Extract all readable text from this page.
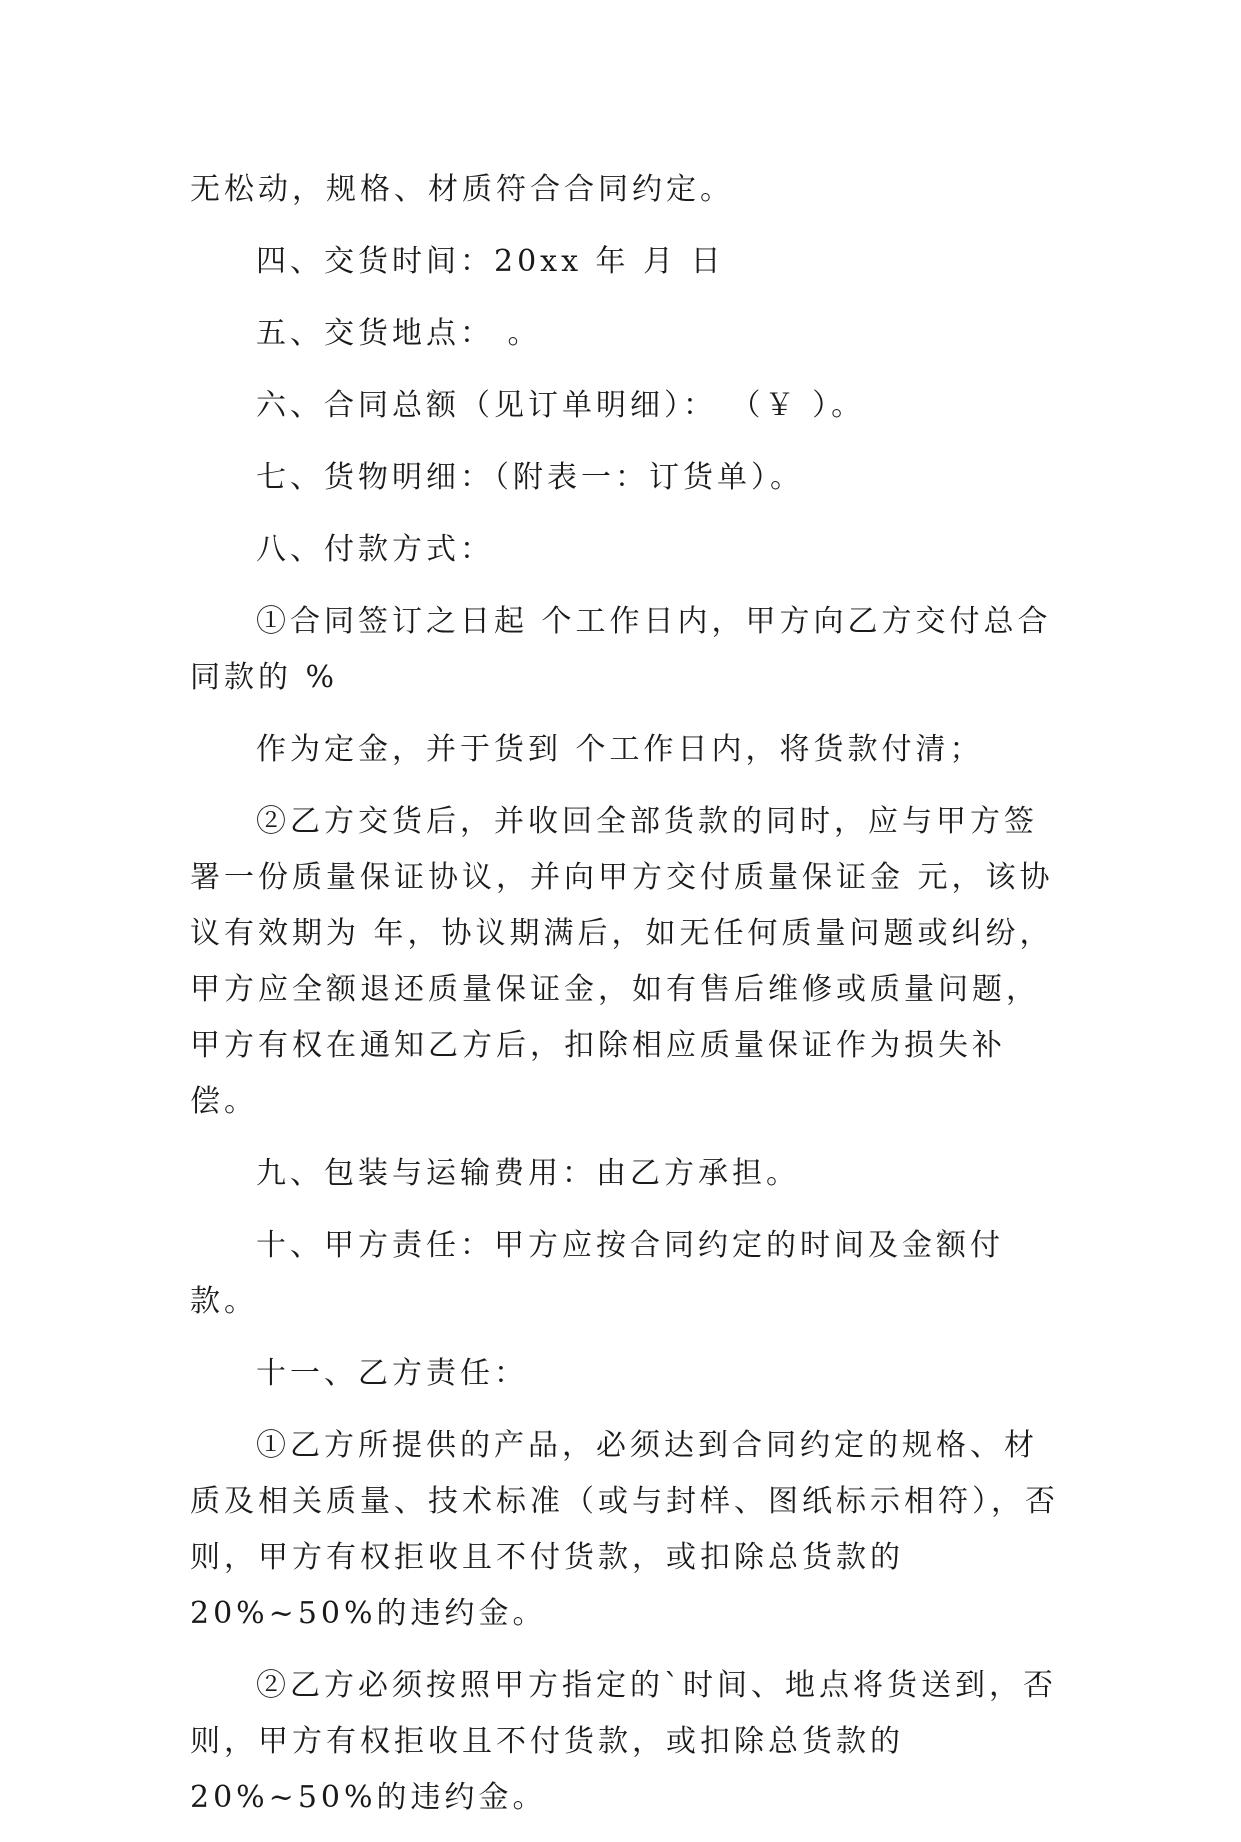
无松动，规格、材质符合合同约定。

四、交货时间：20xx 年 月 日

五、交货地点： 。

六、合同总额（见订单明细）： （￥ ）。

七、货物明细：（附表一：订货单）。

八、付款方式：

①合同签订之日起 个工作日内，甲方向乙方交付总合同款的 %

作为定金，并于货到 个工作日内，将货款付清；

②乙方交货后，并收回全部货款的同时，应与甲方签署一份质量保证协议，并向甲方交付质量保证金 元，该协议有效期为 年，协议期满后，如无任何质量问题或纠纷，甲方应全额退还质量保证金，如有售后维修或质量问题，甲方有权在通知乙方后，扣除相应质量保证作为损失补偿。

九、包装与运输费用：由乙方承担。

十、甲方责任：甲方应按合同约定的时间及金额付款。

十一、乙方责任：

①乙方所提供的产品，必须达到合同约定的规格、材质及相关质量、技术标准（或与封样、图纸标示相符），否则，甲方有权拒收且不付货款，或扣除总货款的 20%~50%的违约金。

②乙方必须按照甲方指定的`时间、地点将货送到，否则，甲方有权拒收且不付货款，或扣除总货款的 20%~50%的违约金。
